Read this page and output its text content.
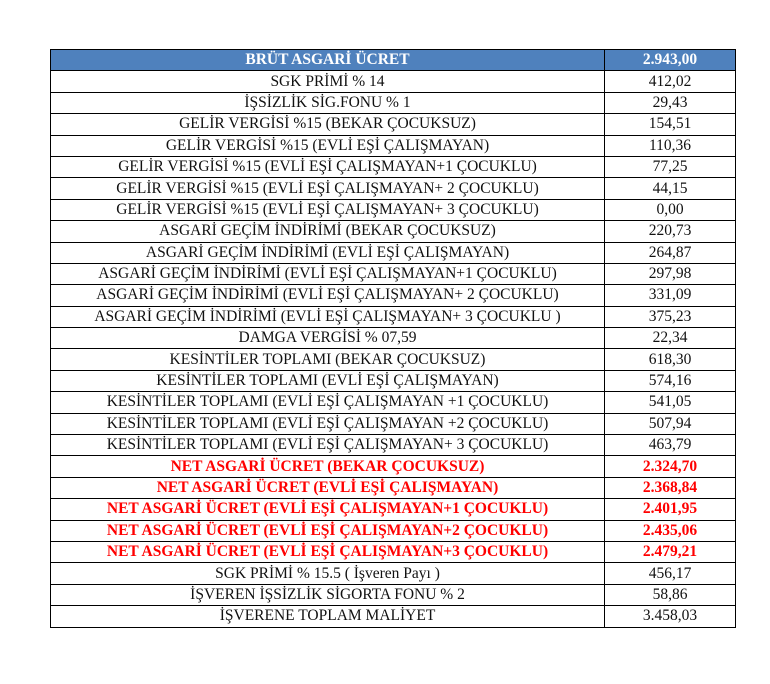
BRÜT ASGARİ ÜCRET	2.943,00
SGK PRİMİ % 14	412,02
İŞSİZLİK SİG.FONU % 1	29,43
GELİR VERGİSİ %15 (BEKAR ÇOCUKSUZ)	154,51
GELİR VERGİSİ %15 (EVLİ EŞİ ÇALIŞMAYAN)	110,36
GELİR VERGİSİ %15 (EVLİ EŞİ ÇALIŞMAYAN+1 ÇOCUKLU)	77,25
GELİR VERGİSİ %15 (EVLİ EŞİ ÇALIŞMAYAN+ 2 ÇOCUKLU)	44,15
GELİR VERGİSİ %15 (EVLİ EŞİ ÇALIŞMAYAN+ 3 ÇOCUKLU)	0,00
ASGARİ GEÇİM İNDİRİMİ (BEKAR ÇOCUKSUZ)	220,73
ASGARİ GEÇİM İNDİRİMİ (EVLİ EŞİ ÇALIŞMAYAN)	264,87
ASGARİ GEÇİM İNDİRİMİ (EVLİ EŞİ ÇALIŞMAYAN+1 ÇOCUKLU)	297,98
ASGARİ GEÇİM İNDİRİMİ (EVLİ EŞİ ÇALIŞMAYAN+ 2 ÇOCUKLU)	331,09
ASGARİ GEÇİM İNDİRİMİ (EVLİ EŞİ ÇALIŞMAYAN+ 3 ÇOCUKLU )	375,23
DAMGA VERGİSİ % 07,59	22,34
KESİNTİLER TOPLAMI (BEKAR ÇOCUKSUZ)	618,30
KESİNTİLER TOPLAMI (EVLİ EŞİ ÇALIŞMAYAN)	574,16
KESİNTİLER TOPLAMI (EVLİ EŞİ ÇALIŞMAYAN +1 ÇOCUKLU)	541,05
KESİNTİLER TOPLAMI (EVLİ EŞİ ÇALIŞMAYAN +2 ÇOCUKLU)	507,94
KESİNTİLER TOPLAMI (EVLİ EŞİ ÇALIŞMAYAN+ 3 ÇOCUKLU)	463,79
NET ASGARİ ÜCRET (BEKAR ÇOCUKSUZ)	2.324,70
NET ASGARİ ÜCRET (EVLİ EŞİ ÇALIŞMAYAN)	2.368,84
NET ASGARİ ÜCRET (EVLİ EŞİ ÇALIŞMAYAN+1 ÇOCUKLU)	2.401,95
NET ASGARİ ÜCRET (EVLİ EŞİ ÇALIŞMAYAN+2 ÇOCUKLU)	2.435,06
NET ASGARİ ÜCRET (EVLİ EŞİ ÇALIŞMAYAN+3 ÇOCUKLU)	2.479,21
SGK PRİMİ % 15.5 ( İşveren Payı )	456,17
İŞVEREN İŞSİZLİK SİGORTA FONU % 2	58,86
İŞVERENE TOPLAM MALİYET	3.458,03
